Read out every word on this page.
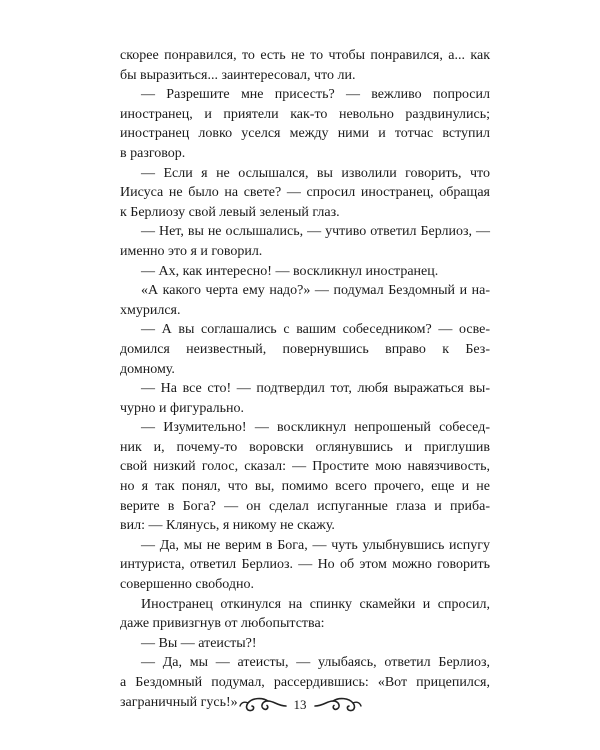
скорее понравился, то есть не то чтобы понравился, а... как
бы выразиться... заинтересовал, что ли.
— Разрешите мне присесть? — вежливо попросил
иностранец, и приятели как-то невольно раздвинулись;
иностранец ловко уселся между ними и тотчас вступил
в разговор.
— Если я не ослышался, вы изволили говорить, что
Иисуса не было на свете? — спросил иностранец, обращая
к Берлиозу свой левый зеленый глаз.
— Нет, вы не ослышались, — учтиво ответил Берлиоз, —
именно это я и говорил.
— Ах, как интересно! — воскликнул иностранец.
«А какого черта ему надо?» — подумал Бездомный и на-
хмурился.
— А вы соглашались с вашим собеседником? — осве-
домился неизвестный, повернувшись вправо к Без-
домному.
— На все сто! — подтвердил тот, любя выражаться вы-
чурно и фигурально.
— Изумительно! — воскликнул непрошеный собесед-
ник и, почему-то воровски оглянувшись и приглушив
свой низкий голос, сказал: — Простите мою навязчивость,
но я так понял, что вы, помимо всего прочего, еще и не
верите в Бога? — он сделал испуганные глаза и приба-
вил: — Клянусь, я никому не скажу.
— Да, мы не верим в Бога, — чуть улыбнувшись испугу
интуриста, ответил Берлиоз. — Но об этом можно говорить
совершенно свободно.
Иностранец откинулся на спинку скамейки и спросил,
даже привизгнув от любопытства:
— Вы — атеисты?!
— Да, мы — атеисты, — улыбаясь, ответил Берлиоз,
а Бездомный подумал, рассердившись: «Вот прицепился,
заграничный гусь!»	13
